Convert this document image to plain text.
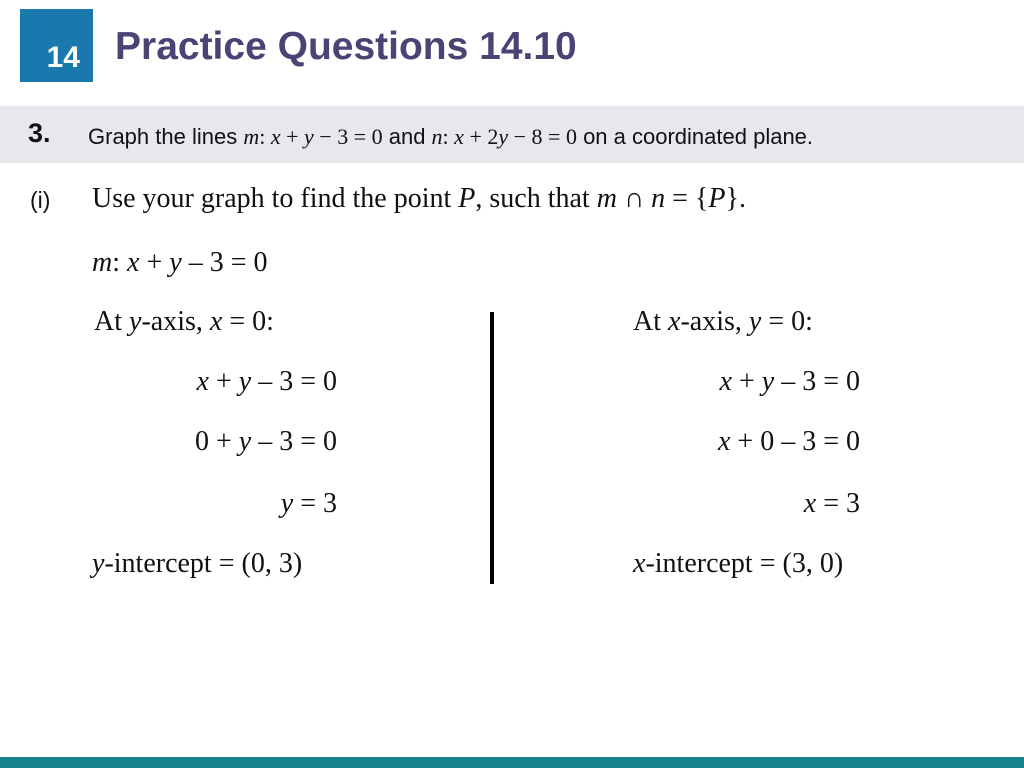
14 Practice Questions 14.10
3. Graph the lines m: x + y − 3 = 0 and n: x + 2y − 8 = 0 on a coordinated plane.
(i) Use your graph to find the point P, such that m ∩ n = {P}.
m: x + y – 3 = 0
At y-axis, x = 0:
x + y – 3 = 0
0 + y – 3 = 0
y = 3
y-intercept = (0, 3)
At x-axis, y = 0:
x + y – 3 = 0
x + 0 – 3 = 0
x = 3
x-intercept = (3, 0)
